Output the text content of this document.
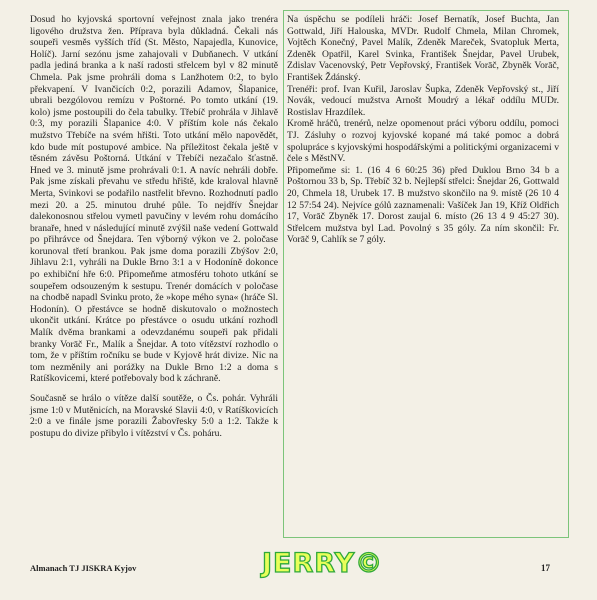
Dosud ho kyjovská sportovní veřejnost znala jako trenéra ligového družstva žen. Příprava byla důkladná. Čekali nás soupeři vesměs vyšších tříd (St. Město, Napajedla, Kunovice, Holíč). Jarní sezónu jsme zahajovali v Dubňanech. V utkání padla jediná branka a k naší radosti střelcem byl v 82 minutě Chmela. Pak jsme prohráli doma s Lanžhotem 0:2, to bylo překvapení. V Ivančicích 0:2, porazili Adamov, Šlapanice, ubrali bezgólovou remízu v Poštorné. Po tomto utkání (19. kolo) jsme postoupili do čela tabulky. Třebíč prohrála v Jihlavě 0:3, my porazili Šlapanice 4:0. V příštím kole nás čekalo mužstvo Třebíče na svém hřišti. Toto utkání mělo napovědět, kdo bude mít postupové ambice. Na příležitost čekala ještě v těsném závěsu Poštorná. Utkání v Třebíči nezačalo šťastně. Hned ve 3. minutě jsme prohrávali 0:1. A navíc nehráli dobře. Pak jsme získali převahu ve středu hřiště, kde kraloval hlavně Merta, Svinkovi se podařilo nastřelit břevno. Rozhodnutí padlo mezi 20. a 25. minutou druhé půle. To nejdřív Šnejdar dalekonosnou střelou vymetl pavučiny v levém rohu domácího branaře, hned v následující minutě zvýšil naše vedení Gottwald po přihrávce od Šnejdara. Ten výborný výkon ve 2. poločase korunoval třetí brankou. Pak jsme doma porazili Zbýšov 2:0, Jihlavu 2:1, vyhráli na Dukle Brno 3:1 a v Hodoníně dokonce po exhibiční hře 6:0. Připomeňme atmosféru tohoto utkání se soupeřem odsouzeným k sestupu. Trenér domácích v poločase na chodbě napadl Svinku proto, že »kope mého syna« (hráče Sl. Hodonín). O přestávce se hodně diskutovalo o možnostech ukončit utkání. Krátce po přestávce o osudu utkání rozhodl Malík dvěma brankami a odevzdanému soupeři pak přidali branky Vorāč Fr., Malík a Šnejdar. A toto vítězství rozhodlo o tom, že v příštím ročníku se bude v Kyjově hrát divize. Nic na tom nezměnily ani porážky na Dukle Brno 1:2 a doma s Ratíškovicemi, které potřebovaly bod k záchraně.

Současně se hrálo o vítěze další soutěže, o Čs. pohár. Vyhráli jsme 1:0 v Mutěnicích, na Moravské Slavii 4:0, v Ratíškovicích 2:0 a ve finále jsme porazili Žabovřesky 5:0 a 1:2. Takže k postupu do divize přibylo i vítězství v Čs. poháru.

Na úspěchu se podíleli hráči: Josef Bernatík, Josef Buchta, Jan Gottwald, Jiří Halouska, MVDr. Rudolf Chmela, Milan Chromek, Vojtěch Konečný, Pavel Malík, Zdeněk Mareček, Svatopluk Merta, Zdeněk Opatřil, Karel Svinka, František Šnejdar, Pavel Urubek, Zdislav Vacenovský, Petr Vepřovský, František Vorāč, Zbyněk Vorāč, František Ždánský.

Trenéři: prof. Ivan Kuřil, Jaroslav Šupka, Zdeněk Vepřovský st., Jiří Novák, vedoucí mužstva Arnošt Moudrý a lékař oddílu MUDr. Rostislav Hrazdílek.

Kromě hráčů, trenérů, nelze opomenout práci výboru oddílu, pomoci TJ. Zásluhy o rozvoj kyjovské kopané má také pomoc a dobrá spolupráce s kyjovskými hospodářskými a politickými organizacemi v čele s MěstNV.

Připomeňme si: 1. (16 4 6 60:25 36) před Duklou Brno 34 b a Poštornou 33 b, Sp. Třebíč 32 b. Nejlepší střelci: Šnejdar 26, Gottwald 20, Chmela 18, Urubek 17. B mužstvo skončilo na 9. místě (26 10 4 12 57:54 24). Nejvíce gólů zaznamenali: Vašíček Jan 19, Kříž Oldřich 17, Vorāč Zbyněk 17. Dorost zaujal 6. místo (26 13 4 9 45:27 30). Střelcem mužstva byl Lad. Povolný s 35 góly. Za ním skončil: Fr. Vorāč 9, Cahlík se 7 góly.

Almanach TJ JISKRA Kyjov	JERRY©	17
